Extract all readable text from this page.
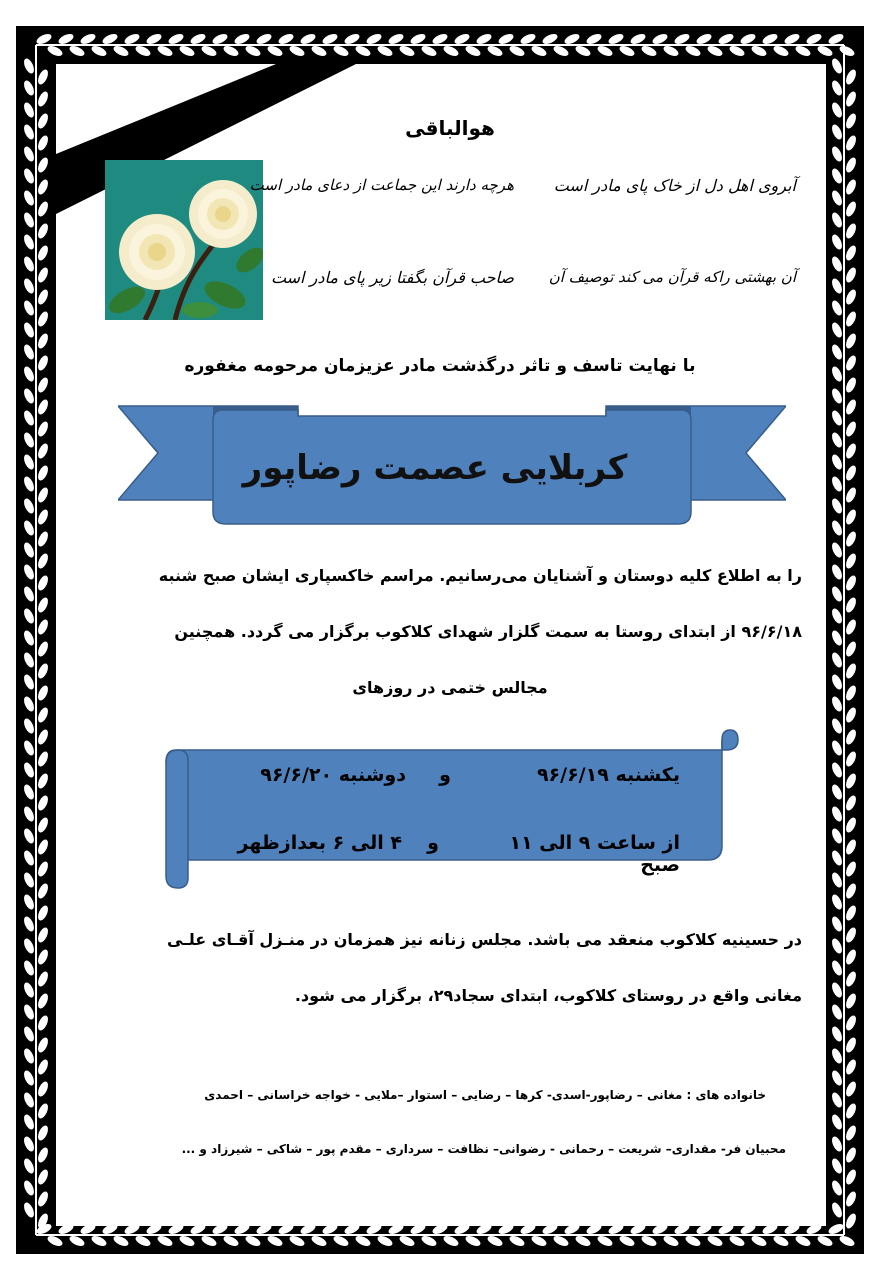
هوالباقی
آبروی اهل دل از خاک پای مادر است
هرچه دارند این جماعت از دعای مادر است
آن بهشتی راکه قرآن می کند توصیف آن
صاحب قرآن بگفتا زیر پای مادر است
با نهایت تاسف و تاثر درگذشت مادر عزیزمان مرحومه مغفوره
کربلایی عصمت رضاپور
را به اطلاع کلیه دوستان و آشنایان می‌رسانیم. مراسم خاکسپاری ایشان صبح شنبه
۹۶/۶/۱۸ از ابتدای روستا به سمت گلزار شهدای کلاکوب برگزار می گردد. همچنین
مجالس ختمی در روزهای
یکشنبه ۹۶/۶/۱۹
و
دوشنبه ۹۶/۶/۲۰
از ساعت ۹ الی ۱۱ صبح
و
۴ الی ۶ بعدازظهر
در حسینیه کلاکوب منعقد می باشد. مجلس زنانه نیز همزمان در منـزل آقـای علـی
مغانی واقع در روستای کلاکوب، ابتدای سجاد۲۹، برگزار می شود.
خانواده های : مغانی – رضاپور-اسدی- کرها – رضایی – استوار –ملایی - خواجه خراسانی – احمدی
محبیان فر- مقداری– شریعت – رحمانی - رضوانی– نظافت – سرداری – مقدم پور – شاکی – شیرزاد و ...
